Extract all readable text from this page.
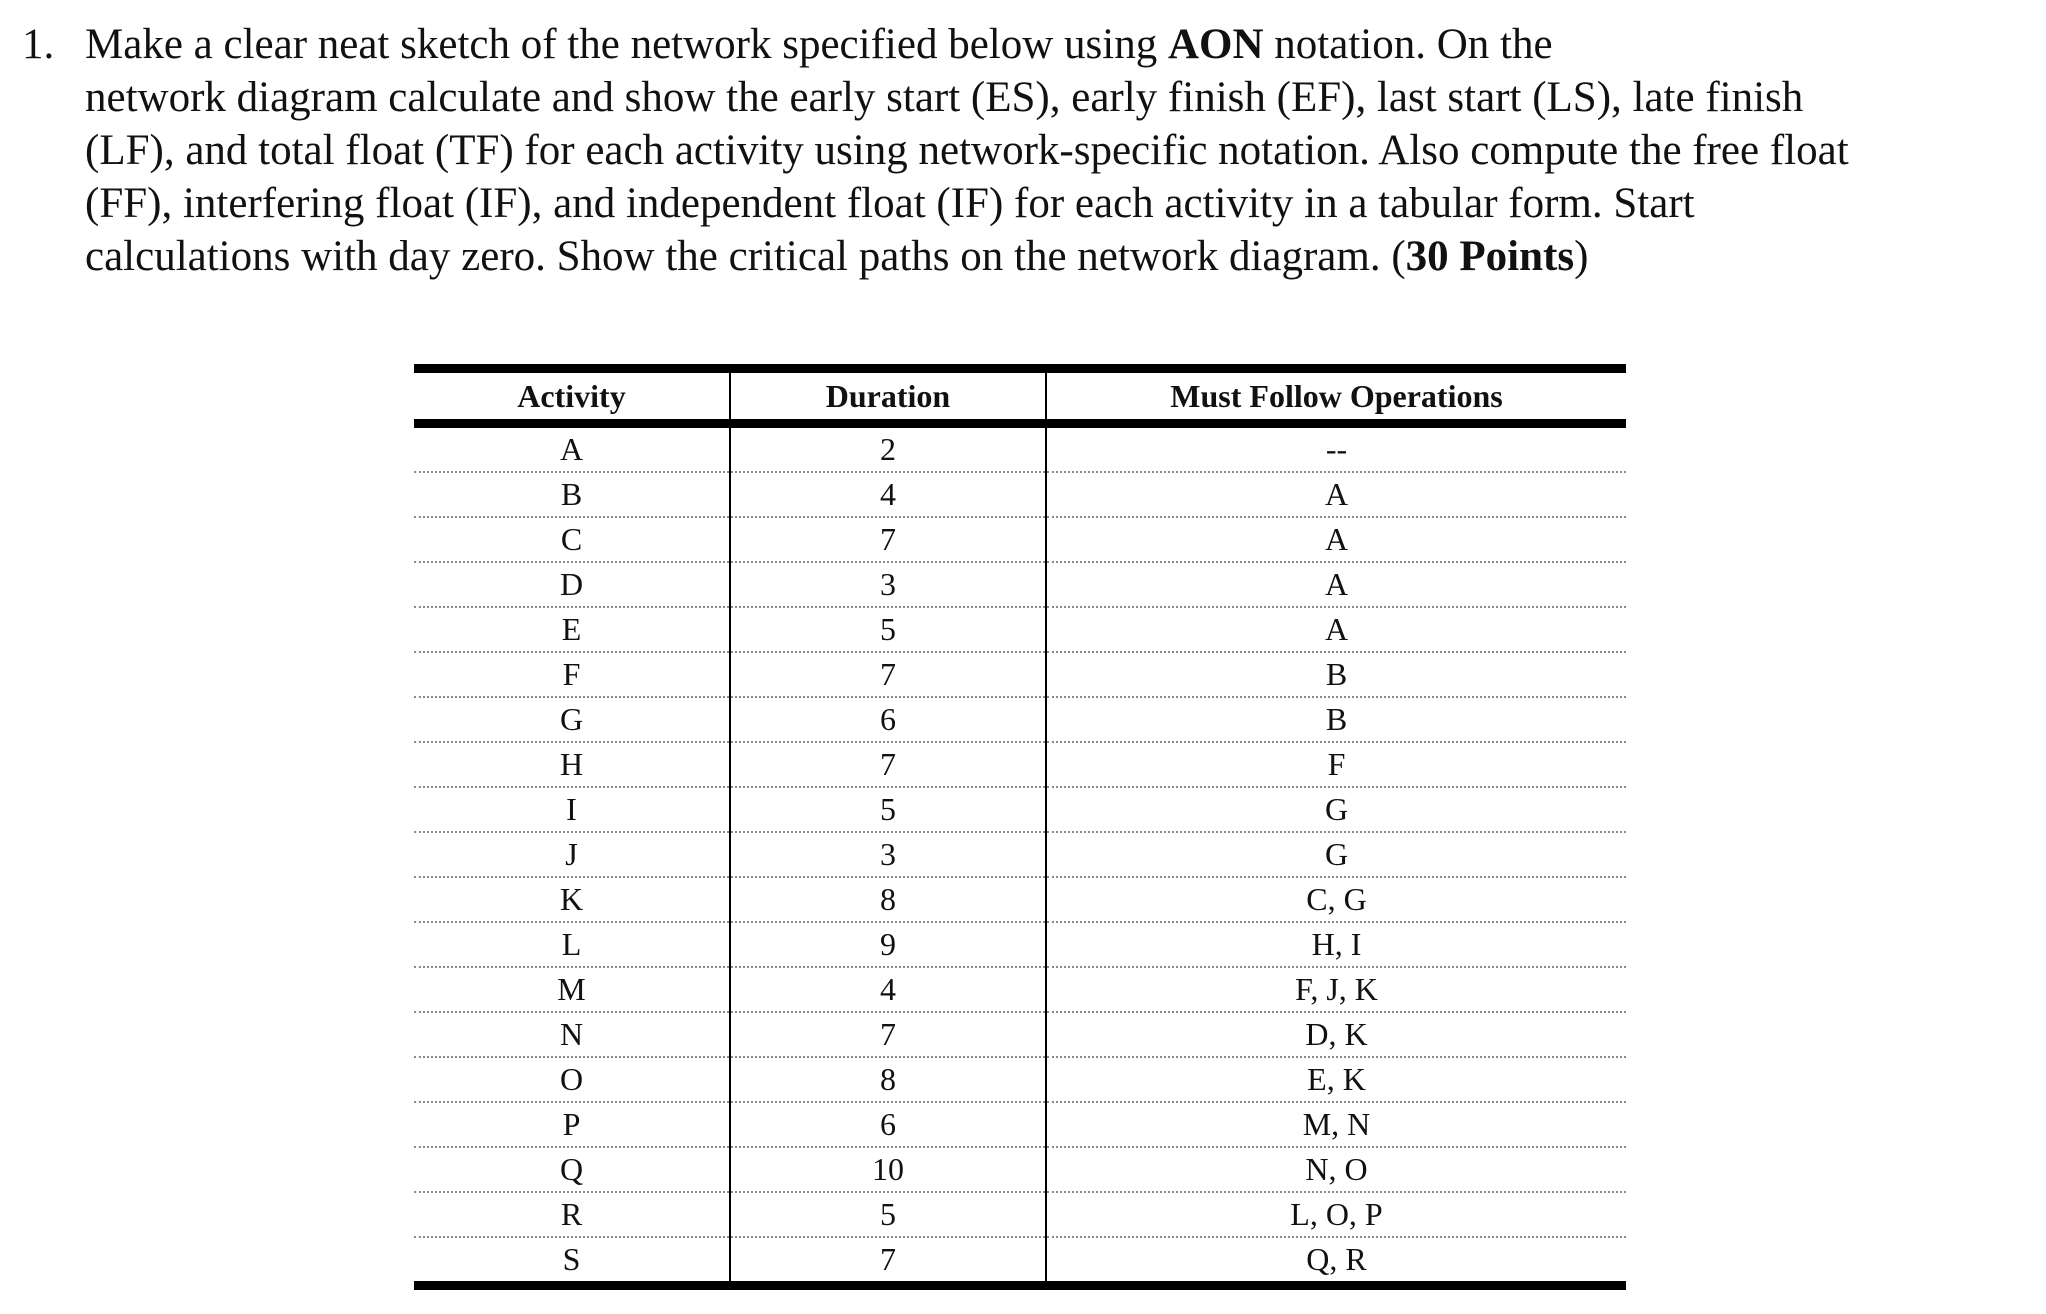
1. Make a clear neat sketch of the network specified below using AON notation. On the
network diagram calculate and show the early start (ES), early finish (EF), last start (LS), late finish
(LF), and total float (TF) for each activity using network-specific notation. Also compute the free float
(FF), interfering float (IF), and independent float (IF) for each activity in a tabular form. Start
calculations with day zero. Show the critical paths on the network diagram. (30 Points)
Activity	Duration	Must Follow Operations
A	2	--
B	4	A
C	7	A
D	3	A
E	5	A
F	7	B
G	6	B
H	7	F
I	5	G
J	3	G
K	8	C, G
L	9	H, I
M	4	F, J, K
N	7	D, K
O	8	E, K
P	6	M, N
Q	10	N, O
R	5	L, O, P
S	7	Q, R
